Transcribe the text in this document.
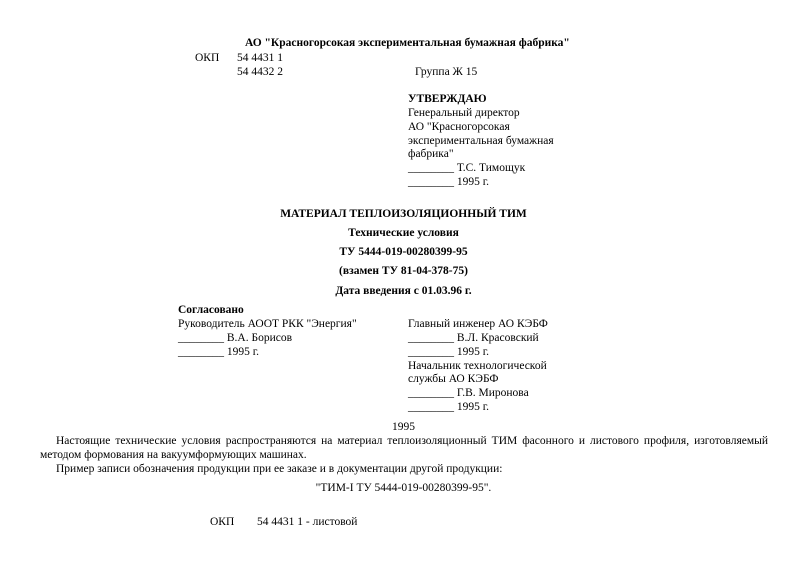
АО "Красногорсокая экспериментальная бумажная фабрика"
ОКП 54 4431 1
54 4432 2	Группа Ж 15
УТВЕРЖДАЮ
Генеральный директор
АО "Красногорсокая
экспериментальная бумажная
фабрика"
________ Т.С. Тимощук
________ 1995 г.
МАТЕРИАЛ ТЕПЛОИЗОЛЯЦИОННЫЙ ТИМ
Технические условия
ТУ 5444-019-00280399-95
(взамен ТУ 81-04-378-75)
Дата введения с 01.03.96 г.
Согласовано
Руководитель АООТ РКК "Энергия"
________ В.А. Борисов
________ 1995 г.
Главный инженер АО КЭБФ
________ В.Л. Красовский
________ 1995 г.
Начальник технологической
службы АО КЭБФ
________ Г.В. Миронова
________ 1995 г.
1995
Настоящие технические условия распространяются на материал теплоизоляционный ТИМ фасонного и листового профиля, изготовляемый методом формования на вакуумформующих машинах.
Пример записи обозначения продукции при ее заказе и в документации другой продукции:
"ТИМ-І ТУ 5444-019-00280399-95".
ОКП 54 4431 1 - листовой
